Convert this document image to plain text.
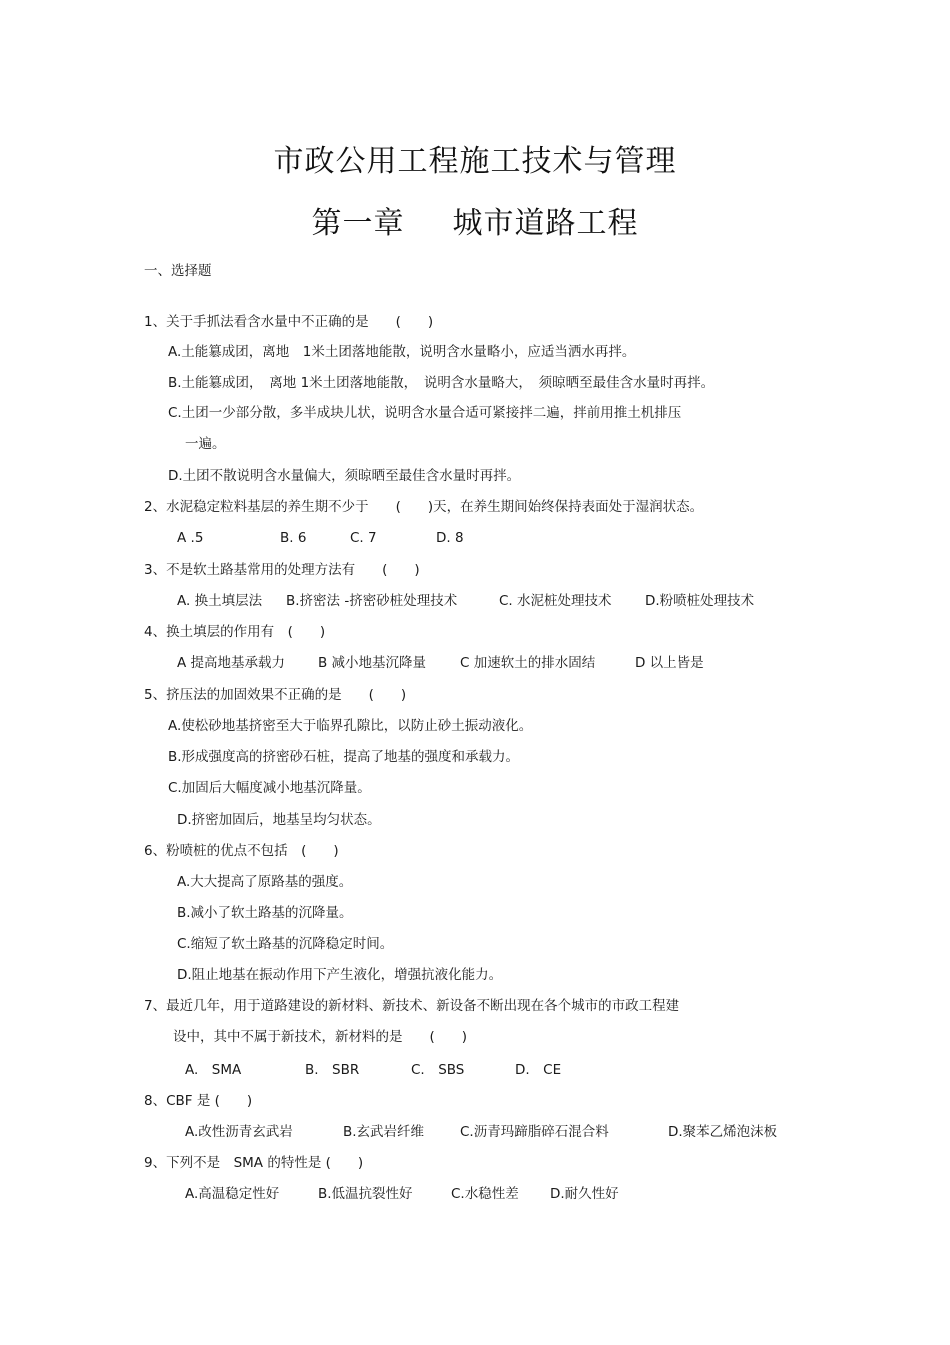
市政公用工程施工技术与管理
第一章 城市道路工程
一、选择题
1、关于手抓法看含水量中不正确的是　　(　　)
A.土能簒成团，离地　1米土团落地能散，说明含水量略小，应适当洒水再拌。
B.土能簒成团，　离地 1米土团落地能散，　说明含水量略大，　须晾晒至最佳含水量时再拌。
C.土团一少部分散，多半成块儿状，说明含水量合适可紧接拌二遍，拌前用推土机排压
一遍。
D.土团不散说明含水量偏大，须晾晒至最佳含水量时再拌。
2、水泥稳定粒料基层的养生期不少于　　(　　)天，在养生期间始终保持表面处于湿润状态。
A .5	B. 6	C. 7	D. 8
3、不是软土路基常用的处理方法有　　(　　)
A. 换土填层法 B.挤密法 -挤密砂桩处理技术	C. 水泥桩处理技术 D.粉喷桩处理技术
4、换土填层的作用有　(　　)
A 提高地基承载力 B 减小地基沉降量	C 加速软土的排水固结	D 以上皆是
5、挤压法的加固效果不正确的是　　(　　)
A.使松砂地基挤密至大于临界孔隙比，以防止砂土振动液化。
B.形成强度高的挤密砂石桩，提高了地基的强度和承载力。
C.加固后大幅度减小地基沉降量。
D.挤密加固后，地基呈均匀状态。
6、粉喷桩的优点不包括　(　　)
A.大大提高了原路基的强度。
B.减小了软土路基的沉降量。
C.缩短了软土路基的沉降稳定时间。
D.阻止地基在振动作用下产生液化，增强抗液化能力。
7、最近几年，用于道路建设的新材料、新技术、新设备不断出现在各个城市的市政工程建
设中，其中不属于新技术，新材料的是　　(　　)
A.　SMA	B.　SBR	C.　SBS	D.　CE
8、CBF 是 (　　)
A.改性沥青玄武岩	B.玄武岩纤维	C.沥青玛蹄脂碎石混合料	D.聚苯乙烯泡沫板
9、下列不是　SMA 的特性是 (　　)
A.高温稳定性好	B.低温抗裂性好	C.水稳性差 D.耐久性好
